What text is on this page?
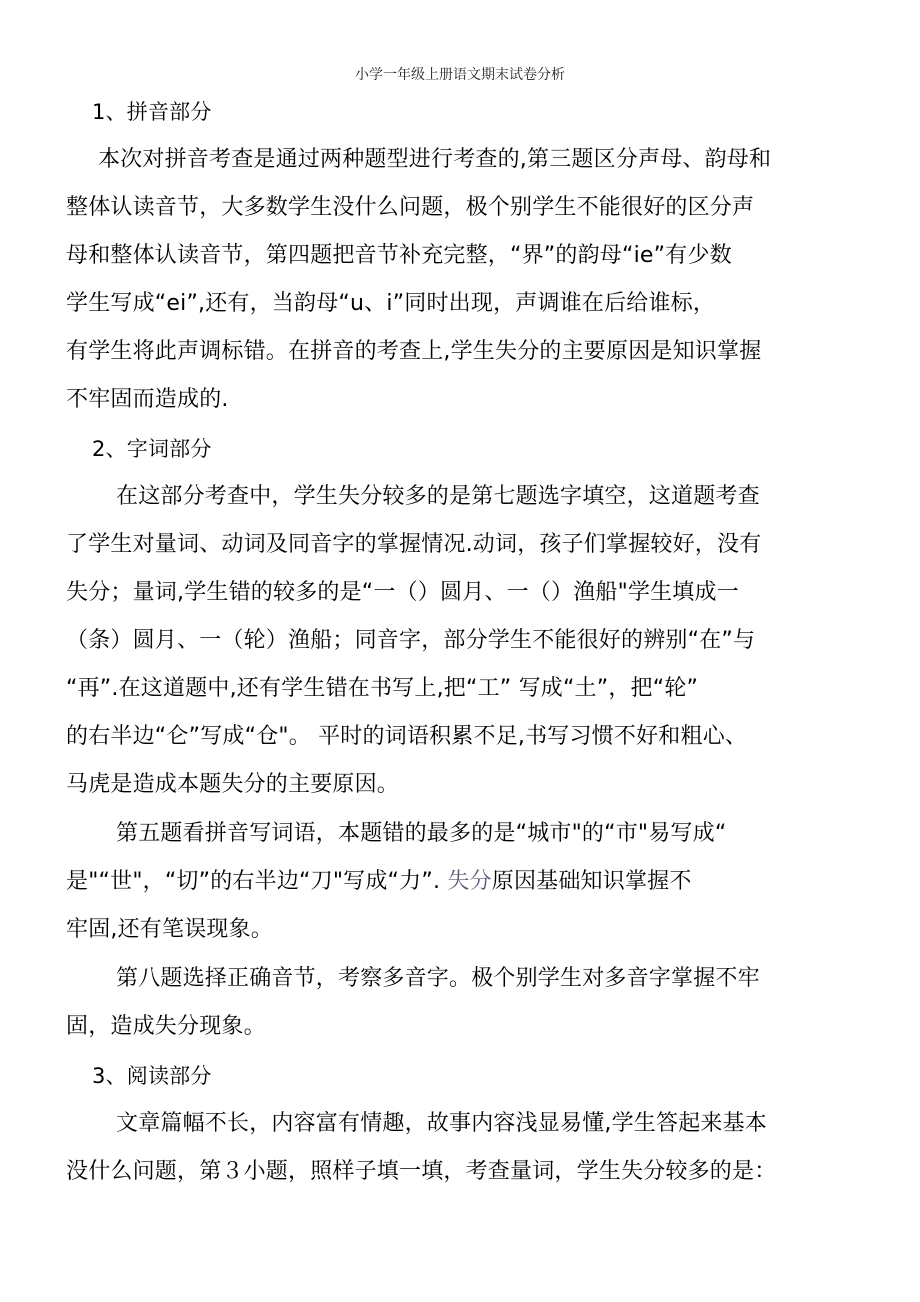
小学一年级上册语文期末试卷分析
1、拼音部分
本次对拼音考查是通过两种题型进行考查的,第三题区分声母、韵母和
整体认读音节，大多数学生没什么问题，极个别学生不能很好的区分声
母和整体认读音节，第四题把音节补充完整，“界”的韵母“ie”有少数
学生写成“ei”,还有，当韵母“u、i”同时出现，声调谁在后给谁标，
有学生将此声调标错。在拼音的考查上,学生失分的主要原因是知识掌握
不牢固而造成的.
2、字词部分
在这部分考查中，学生失分较多的是第七题选字填空，这道题考查
了学生对量词、动词及同音字的掌握情况.动词，孩子们掌握较好，没有
失分；量词,学生错的较多的是“一（）圆月、一（）渔船"学生填成一
（条）圆月、一（轮）渔船；同音字，部分学生不能很好的辨别“在”与
“再”.在这道题中,还有学生错在书写上,把“工” 写成“土”，把“轮”
的右半边“仑”写成“仓"。 平时的词语积累不足,书写习惯不好和粗心、
马虎是造成本题失分的主要原因。
第五题看拼音写词语，本题错的最多的是“城市"的“市"易写成“
是"“世"，“切”的右半边“刀"写成“力”. 失分原因基础知识掌握不
牢固,还有笔误现象。
第八题选择正确音节，考察多音字。极个别学生对多音字掌握不牢
固，造成失分现象。
3、阅读部分
文章篇幅不长，内容富有情趣，故事内容浅显易懂,学生答起来基本
没什么问题，第３小题，照样子填一填，考查量词，学生失分较多的是：
